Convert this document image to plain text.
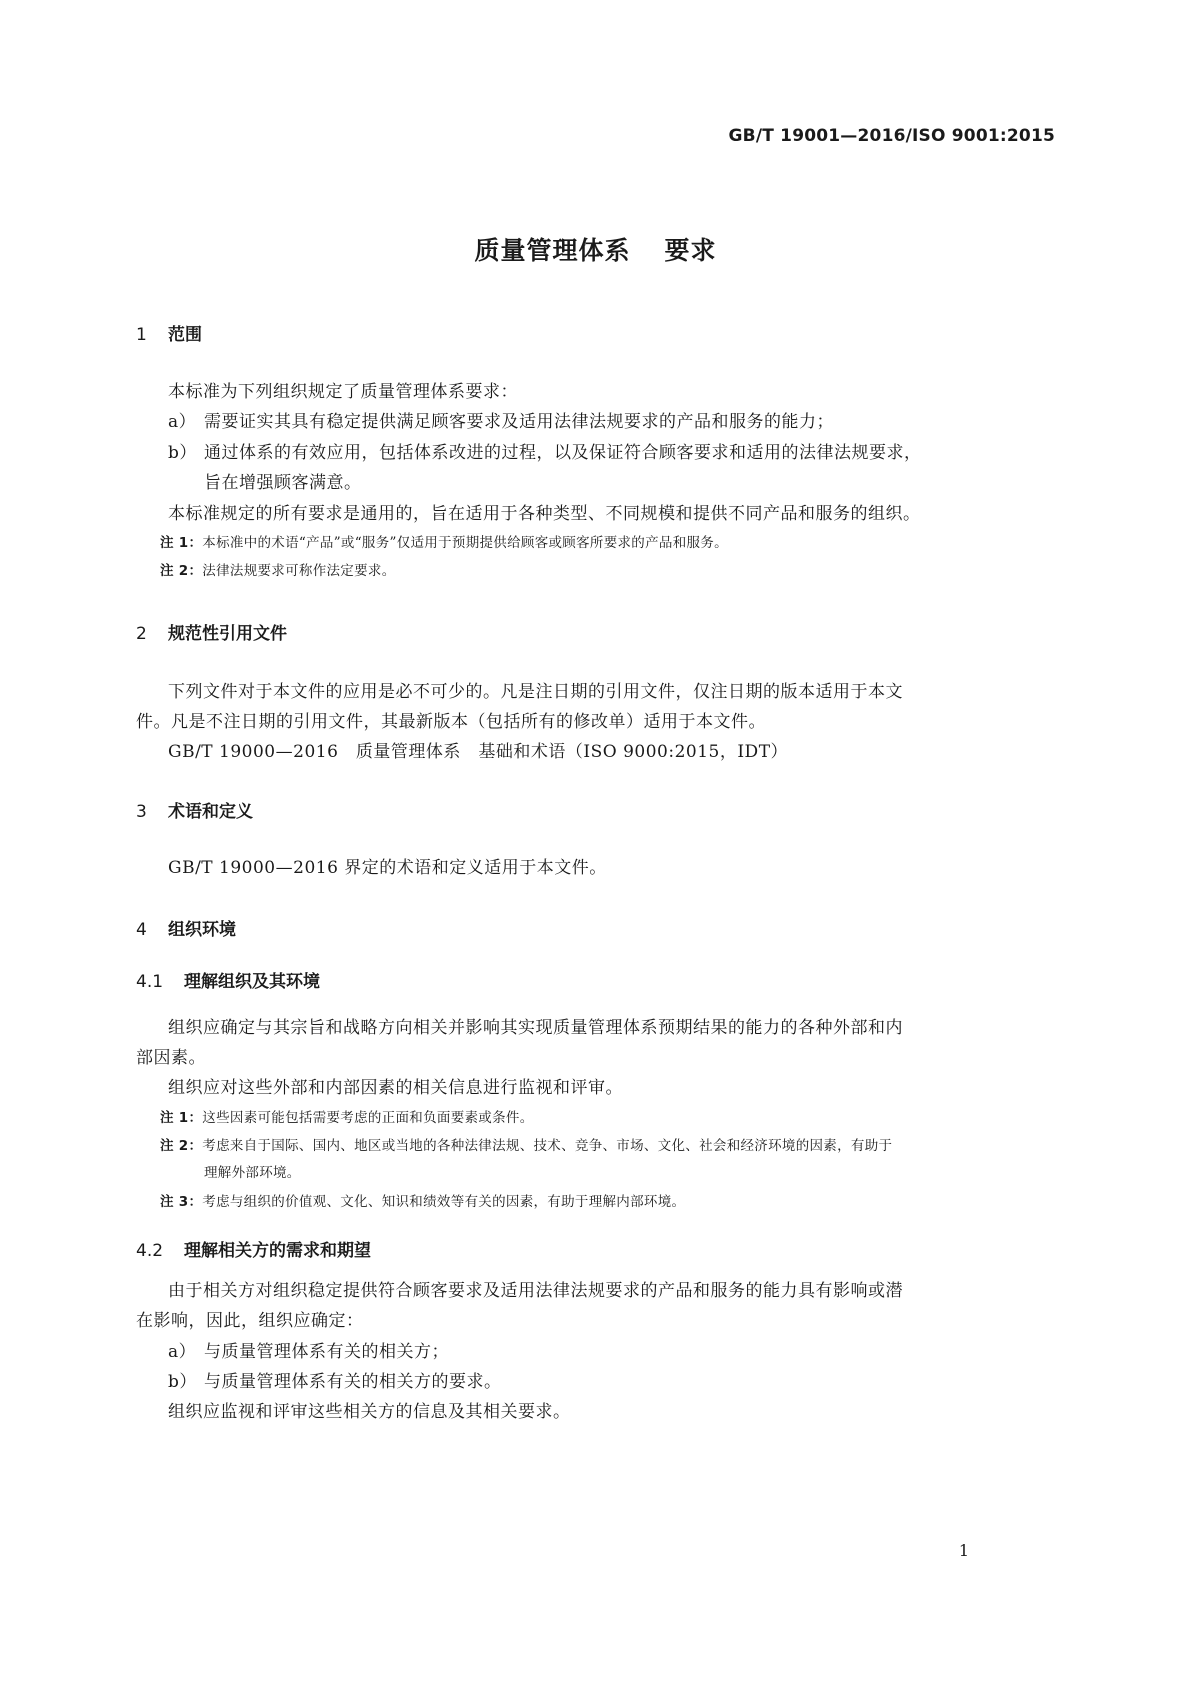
GB/T 19001—2016/ISO 9001:2015
质量管理体系 要求
1 范围
本标准为下列组织规定了质量管理体系要求：
a） 需要证实其具有稳定提供满足顾客要求及适用法律法规要求的产品和服务的能力；
b） 通过体系的有效应用，包括体系改进的过程，以及保证符合顾客要求和适用的法律法规要求，
旨在增强顾客满意。
本标准规定的所有要求是通用的，旨在适用于各种类型、不同规模和提供不同产品和服务的组织。
注 1：本标准中的术语“产品”或“服务”仅适用于预期提供给顾客或顾客所要求的产品和服务。
注 2：法律法规要求可称作法定要求。
2 规范性引用文件
下列文件对于本文件的应用是必不可少的。凡是注日期的引用文件，仅注日期的版本适用于本文
件。凡是不注日期的引用文件，其最新版本（包括所有的修改单）适用于本文件。
GB/T 19000—2016　质量管理体系　基础和术语（ISO 9000:2015，IDT）
3 术语和定义
GB/T 19000—2016 界定的术语和定义适用于本文件。
4 组织环境
4.1 理解组织及其环境
组织应确定与其宗旨和战略方向相关并影响其实现质量管理体系预期结果的能力的各种外部和内
部因素。
组织应对这些外部和内部因素的相关信息进行监视和评审。
注 1：这些因素可能包括需要考虑的正面和负面要素或条件。
注 2：考虑来自于国际、国内、地区或当地的各种法律法规、技术、竞争、市场、文化、社会和经济环境的因素，有助于
理解外部环境。
注 3：考虑与组织的价值观、文化、知识和绩效等有关的因素，有助于理解内部环境。
4.2 理解相关方的需求和期望
由于相关方对组织稳定提供符合顾客要求及适用法律法规要求的产品和服务的能力具有影响或潜
在影响，因此，组织应确定：
a） 与质量管理体系有关的相关方；
b） 与质量管理体系有关的相关方的要求。
组织应监视和评审这些相关方的信息及其相关要求。
1
